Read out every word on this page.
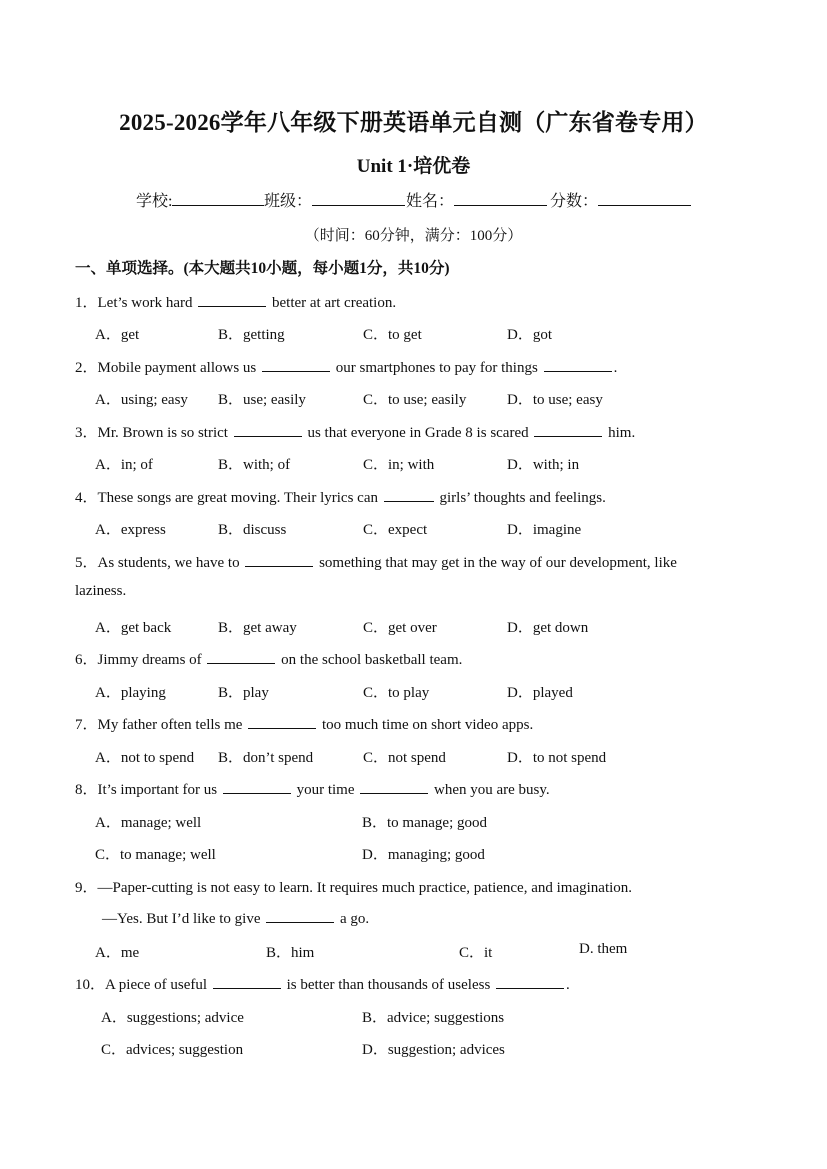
2025-2026学年八年级下册英语单元自测（广东省卷专用）
Unit 1·培优卷
学校:	班级：	姓名：	分数：
（时间：60分钟，满分：100分）
一、单项选择。(本大题共10小题，每小题1分，共10分)
1．Let’s work hard	better at art creation.
A．get	B．getting	C．to get	D．got
2．Mobile payment allows us	our smartphones to pay for things	.
A．using; easy B．use; easily	C．to use; easily	D．to use; easy
3．Mr. Brown is so strict	us that everyone in Grade 8 is scared	him.
A．in; of	B．with; of	C．in; with	D．with; in
4．These songs are great moving. Their lyrics can	girls’ thoughts and feelings.
A．express	B．discuss	C．expect	D．imagine
5．As students, we have to	something that may get in the way of our development, like
laziness.
A．get back	B．get away	C．get over	D．get down
6．Jimmy dreams of	on the school basketball team.
A．playing	B．play	C．to play	D．played
7．My father often tells me	too much time on short video apps.
A．not to spend B．don’t spend	C．not spend	D．to not spend
8．It’s important for us	your time	when you are busy.
A．manage; well	B．to manage; good
C．to manage; well	D．managing; good
9．—Paper-cutting is not easy to learn. It requires much practice, patience, and imagination.
—Yes. But I’d like to give	a go.
A．me	B．him	C．it	D. them
10．A piece of useful	is better than thousands of useless	.
A．suggestions; advice	B．advice; suggestions
C．advices; suggestion	D．suggestion; advices
